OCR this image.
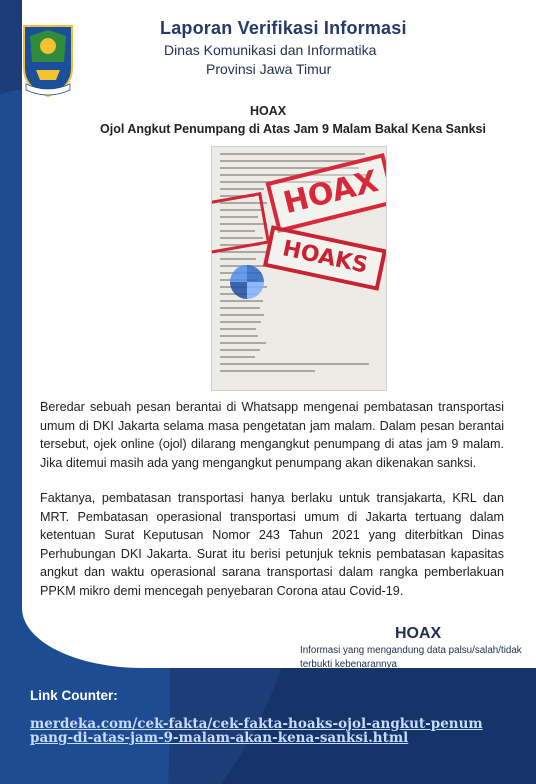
Laporan Verifikasi Informasi
Dinas Komunikasi dan Informatika
Provinsi Jawa Timur
HOAX
Ojol Angkut Penumpang di Atas Jam 9 Malam Bakal Kena Sanksi
HOAX
HOAKS

Beredar sebuah pesan berantai di Whatsapp mengenai pembatasan transportasi umum di DKI Jakarta selama masa pengetatan jam malam. Dalam pesan berantai tersebut, ojek online (ojol) dilarang mengangkut penumpang di atas jam 9 malam. Jika ditemui masih ada yang mengangkut penumpang akan dikenakan sanksi.

Faktanya, pembatasan transportasi hanya berlaku untuk transjakarta, KRL dan MRT. Pembatasan operasional transportasi umum di Jakarta tertuang dalam ketentuan Surat Keputusan Nomor 243 Tahun 2021 yang diterbitkan Dinas Perhubungan DKI Jakarta. Surat itu berisi petunjuk teknis pembatasan kapasitas angkut dan waktu operasional sarana transportasi dalam rangka pemberlakuan PPKM mikro demi mencegah penyebaran Corona atau Covid-19.

HOAX
Informasi yang mengandung data palsu/salah/tidak terbukti kebenarannya
Link Counter:
merdeka.com/cek-fakta/cek-fakta-hoaks-ojol-angkut-penumpang-di-atas-jam-9-malam-akan-kena-sanksi.html
